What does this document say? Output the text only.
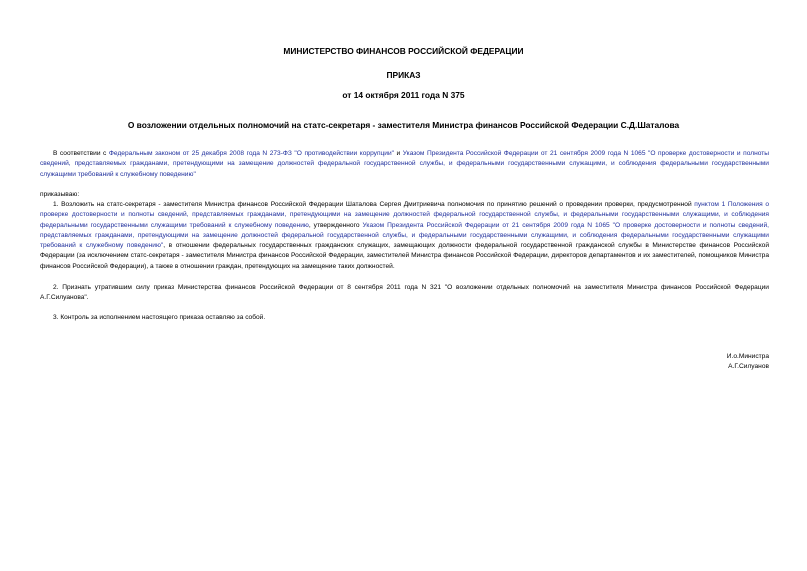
МИНИСТЕРСТВО ФИНАНСОВ РОССИЙСКОЙ ФЕДЕРАЦИИ
ПРИКАЗ
от 14 октября 2011 года N 375
О возложении отдельных полномочий на статс-секретаря - заместителя Министра финансов Российской Федерации С.Д.Шаталова
В соответствии с Федеральным законом от 25 декабря 2008 года N 273-ФЗ "О противодействии коррупции" и Указом Президента Российской Федерации от 21 сентября 2009 года N 1065 "О проверке достоверности и полноты сведений, представляемых гражданами, претендующими на замещение должностей федеральной государственной службы, и федеральными государственными служащими, и соблюдения федеральными государственными служащими требований к служебному поведению"
приказываю:
1. Возложить на статс-секретаря - заместителя Министра финансов Российской Федерации Шаталова Сергея Дмитриевича полномочия по принятию решений о проведении проверки, предусмотренной пунктом 1 Положения о проверке достоверности и полноты сведений, представляемых гражданами, претендующими на замещение должностей федеральной государственной службы, и федеральными государственными служащими, и соблюдения федеральными государственными служащими требований к служебному поведению, утвержденного Указом Президента Российской Федерации от 21 сентября 2009 года N 1065 "О проверке достоверности и полноты сведений, представляемых гражданами, претендующими на замещение должностей федеральной государственной службы, и федеральными государственными служащими, и соблюдения федеральными государственными служащими требований к служебному поведению", в отношении федеральных государственных гражданских служащих, замещающих должности федеральной государственной гражданской службы в Министерстве финансов Российской Федерации (за исключением статс-секретаря - заместителя Министра финансов Российской Федерации, заместителей Министра финансов Российской Федерации, директоров департаментов и их заместителей, помощников Министра финансов Российской Федерации), а также в отношении граждан, претендующих на замещение таких должностей.
2. Признать утратившим силу приказ Министерства финансов Российской Федерации от 8 сентября 2011 года N 321 "О возложении отдельных полномочий на заместителя Министра финансов Российской Федерации А.Г.Силуанова".
3. Контроль за исполнением настоящего приказа оставляю за собой.
И.о.Министра
А.Г.Силуанов
